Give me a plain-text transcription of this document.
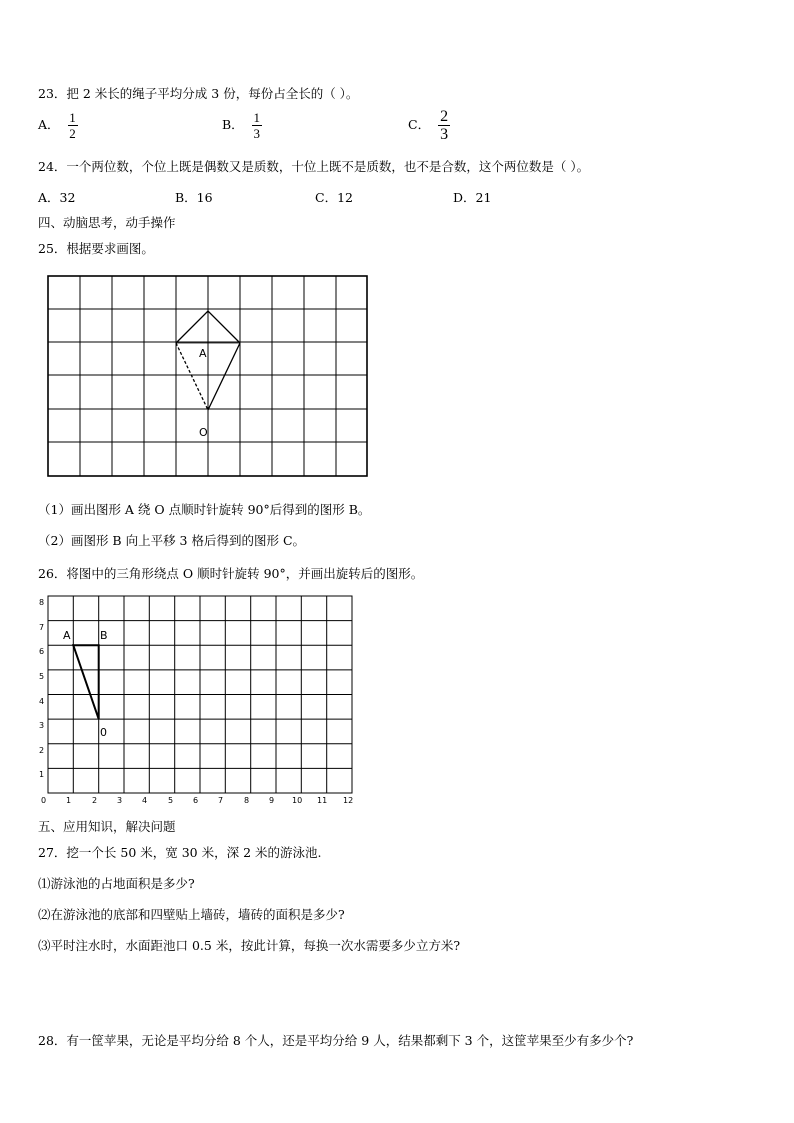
23．把 2 米长的绳子平均分成 3 份，每份占全长的（ ）。
A． $\frac{1}{2}$	B． $\frac{1}{3}$	C． $\frac{2}{3}$
24．一个两位数，个位上既是偶数又是质数，十位上既不是质数，也不是合数，这个两位数是（ ）。
A．32	B．16	C．12	D．21
四、动脑思考，动手操作
25．根据要求画图。
A
O
（1）画出图形 A 绕 O 点顺时针旋转 90°后得到的图形 B。
（2）画图形 B 向上平移 3 格后得到的图形 C。
26．将图中的三角形绕点 O 顺时针旋转 90°，并画出旋转后的图形。
0 1	2 3 4	5 6 7	8 9 10 11 12
1
2
3
4
5
6
7
8
A	B
0
五、应用知识，解决问题
27．挖一个长 50 米，宽 30 米，深 2 米的游泳池.
⑴游泳池的占地面积是多少?
⑵在游泳池的底部和四壁贴上墙砖，墙砖的面积是多少?
⑶平时注水时，水面距池口 0.5 米，按此计算，每换一次水需要多少立方米?
28．有一筐苹果，无论是平均分给 8 个人，还是平均分给 9 人，结果都剩下 3 个，这筐苹果至少有多少个?
